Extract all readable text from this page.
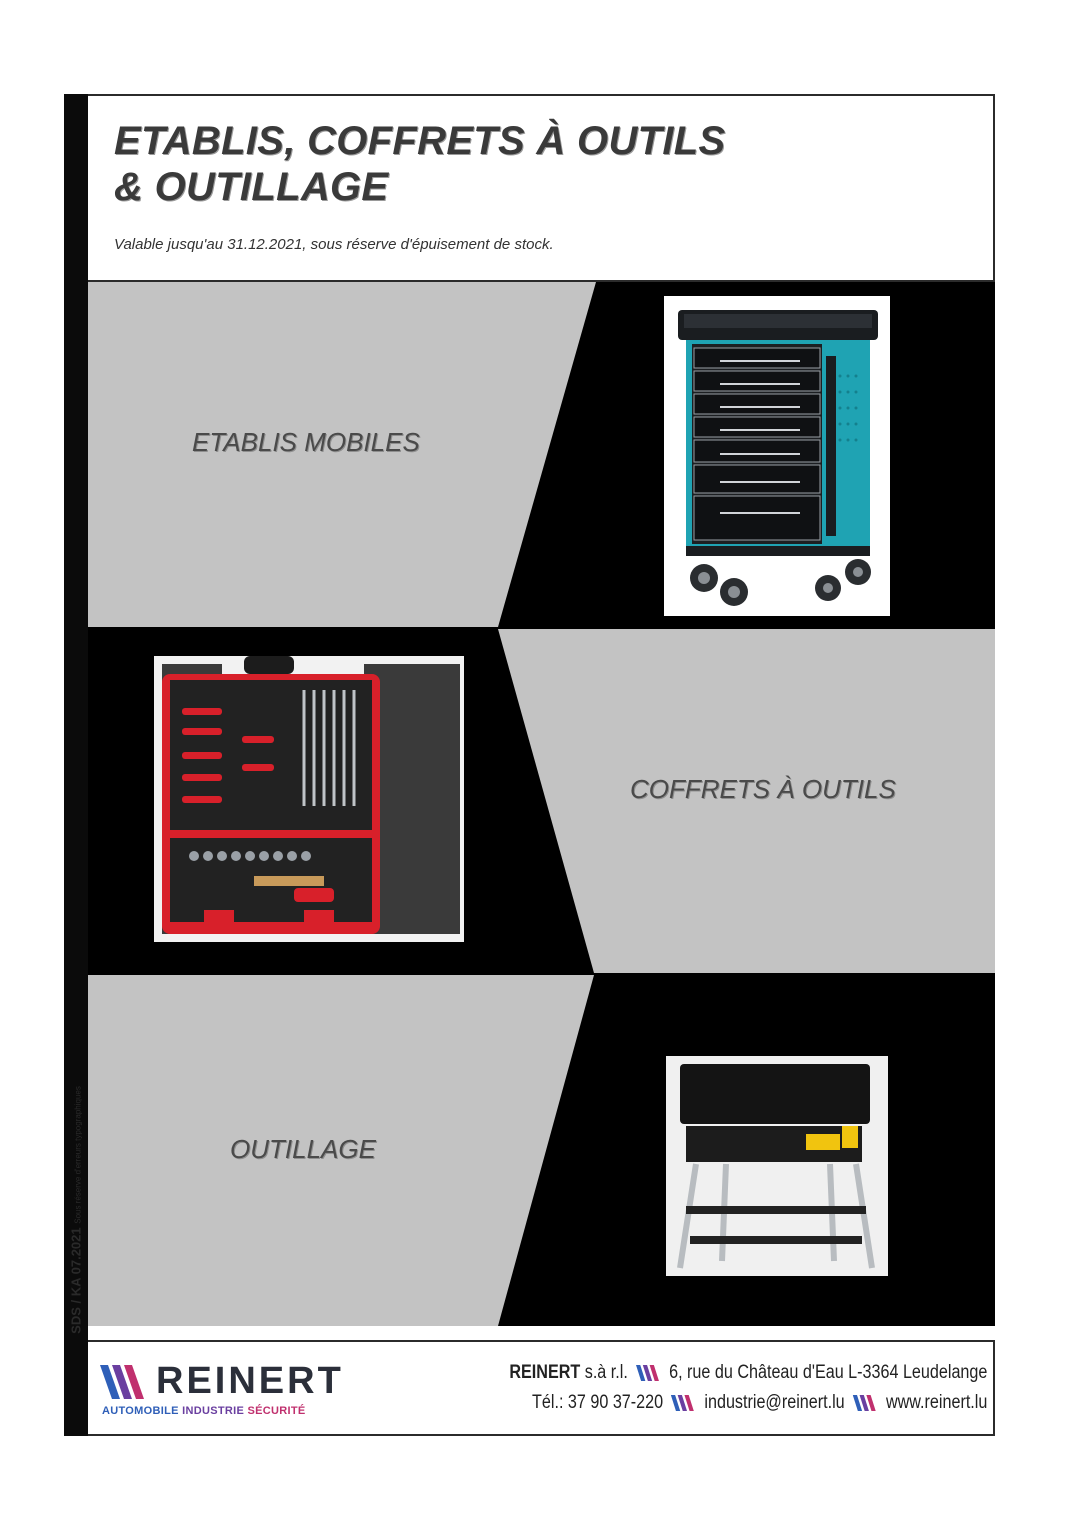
SDS / KA 07.2021 Sous réserve d'erreurs typographiques
ETABLIS, COFFRETS À OUTILS
& OUTILLAGE
Valable jusqu'au 31.12.2021, sous réserve d'épuisement de stock.
ETABLIS MOBILES
COFFRETS À OUTILS
OUTILLAGE
REINERT
AUTOMOBILE INDUSTRIE SÉCURITÉ
REINERT s.à r.l. 6, rue du Château d'Eau L-3364 Leudelange
Tél.: 37 90 37-220 industrie@reinert.lu www.reinert.lu
